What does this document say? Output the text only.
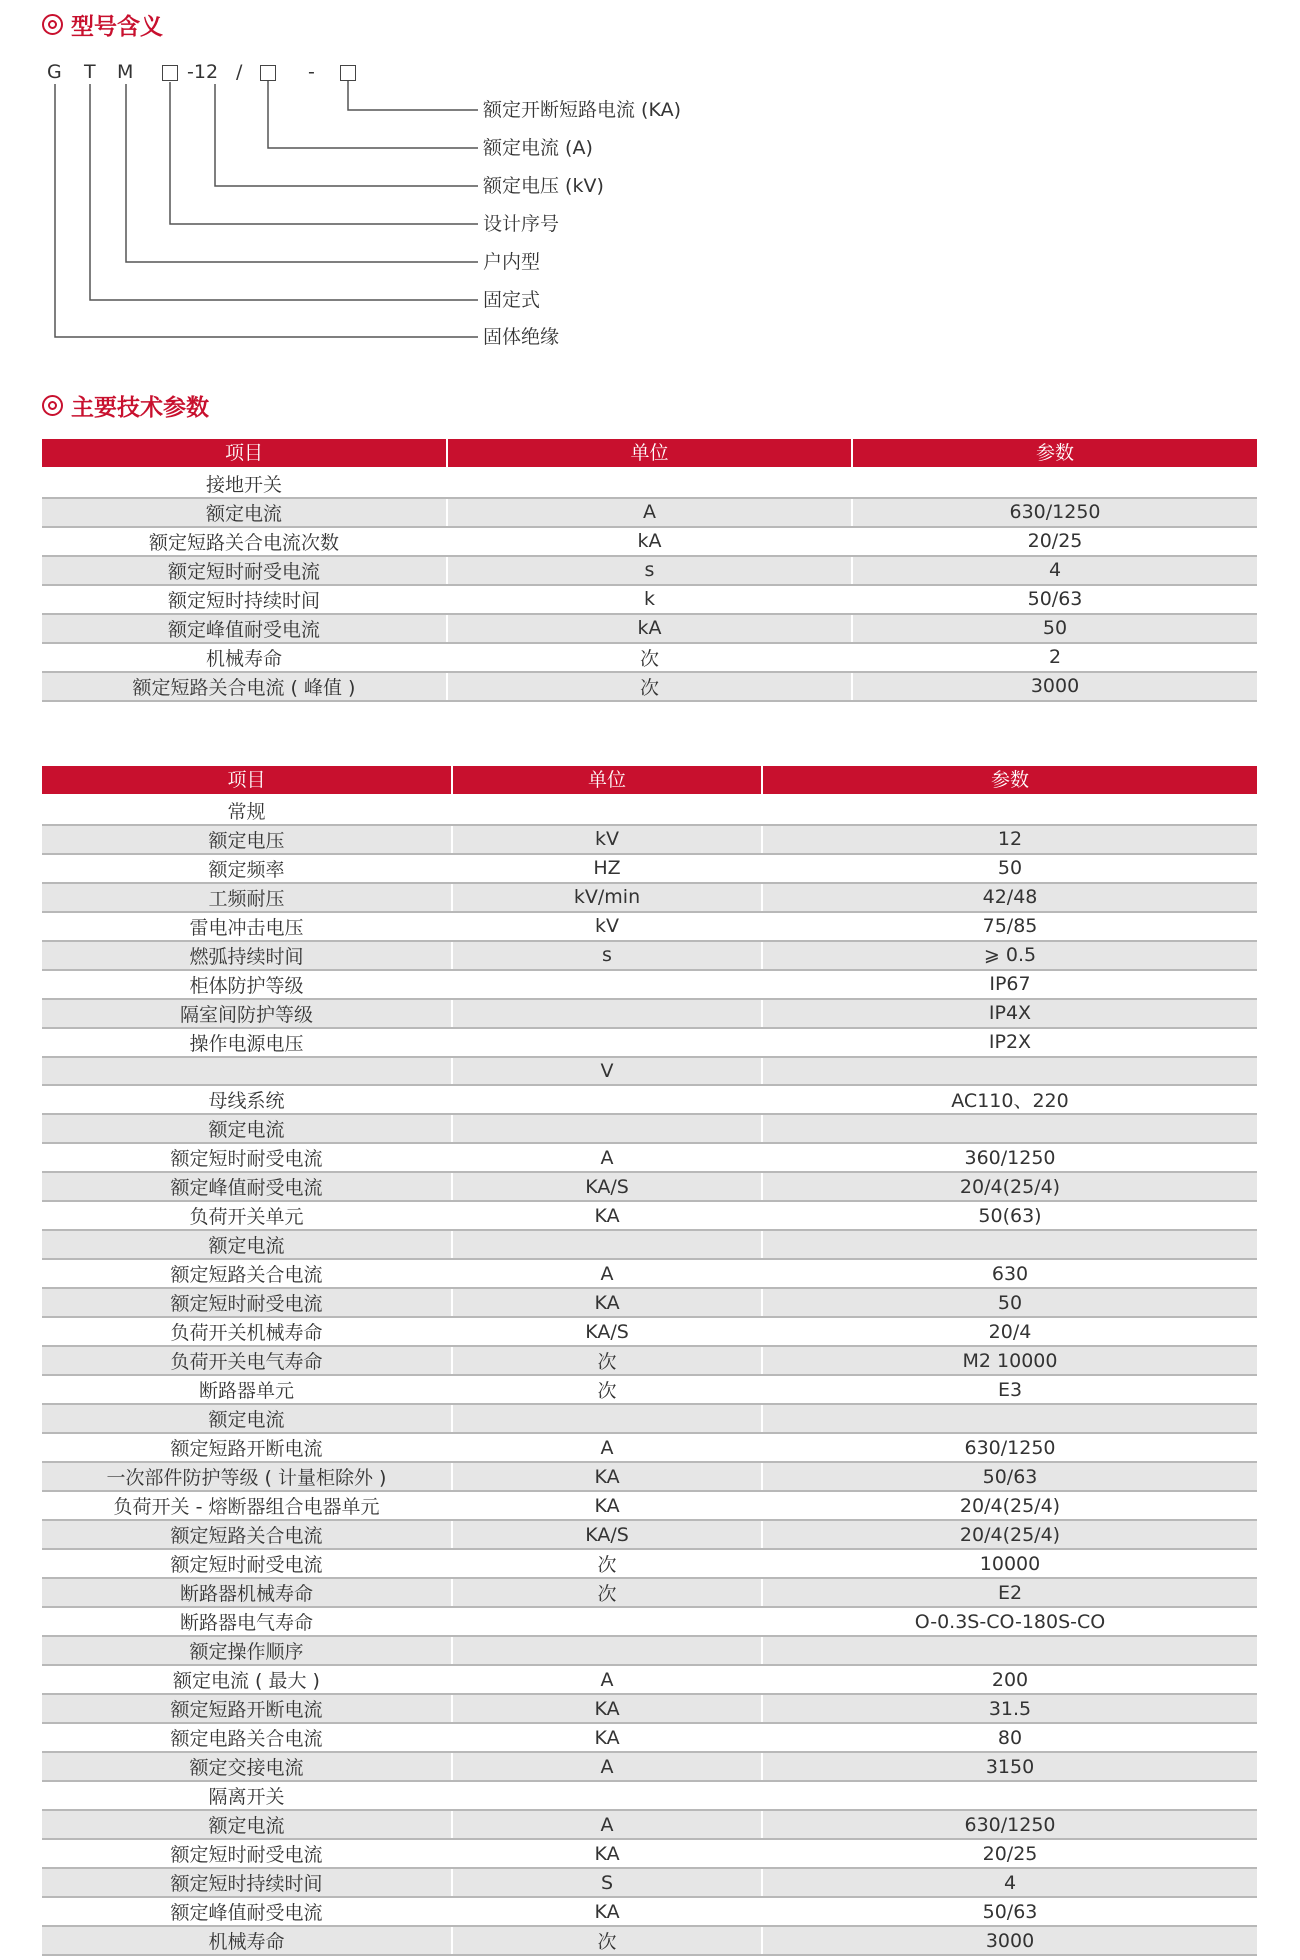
型号含义
G T M	-12 /	-
额定开断短路电流 (KA)
额定电流 (A)
额定电压 (kV)
设计序号
户内型
固定式
固体绝缘
主要技术参数
项目	单位	参数
接地开关		
额定电流	A	630/1250
额定短路关合电流次数	kA	20/25
额定短时耐受电流	s	4
额定短时持续时间	k	50/63
额定峰值耐受电流	kA	50
机械寿命	次	2
额定短路关合电流 ( 峰值 )	次	3000
项目	单位	参数
常规		
额定电压	kV	12
额定频率	HZ	50
工频耐压	kV/min	42/48
雷电冲击电压	kV	75/85
燃弧持续时间	s	⩾ 0.5
柜体防护等级		IP67
隔室间防护等级		IP4X
操作电源电压		IP2X
	V	
母线系统		AC110、220
额定电流		
额定短时耐受电流	A	360/1250
额定峰值耐受电流	KA/S	20/4(25/4)
负荷开关单元	KA	50(63)
额定电流		
额定短路关合电流	A	630
额定短时耐受电流	KA	50
负荷开关机械寿命	KA/S	20/4
负荷开关电气寿命	次	M2 10000
断路器单元	次	E3
额定电流		
额定短路开断电流	A	630/1250
一次部件防护等级 ( 计量柜除外 )	KA	50/63
负荷开关 - 熔断器组合电器单元	KA	20/4(25/4)
额定短路关合电流	KA/S	20/4(25/4)
额定短时耐受电流	次	10000
断路器机械寿命	次	E2
断路器电气寿命		O-0.3S-CO-180S-CO
额定操作顺序		
额定电流 ( 最大 )	A	200
额定短路开断电流	KA	31.5
额定电路关合电流	KA	80
额定交接电流	A	3150
隔离开关		
额定电流	A	630/1250
额定短时耐受电流	KA	20/25
额定短时持续时间	S	4
额定峰值耐受电流	KA	50/63
机械寿命	次	3000
